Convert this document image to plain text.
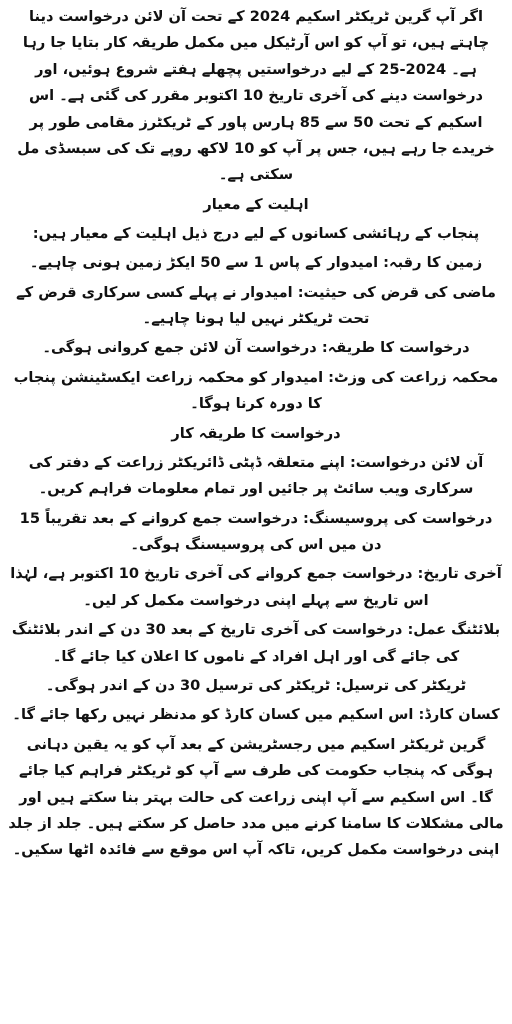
اگر آپ گرین ٹریکٹر اسکیم 2024 کے تحت آن لائن درخواست دینا چاہتے ہیں، تو آپ کو اس آرٹیکل میں مکمل طریقہ کار بتایا جا رہا ہے۔ 2024-25 کے لیے درخواستیں پچھلے ہفتے شروع ہوئیں، اور درخواست دینے کی آخری تاریخ 10 اکتوبر مقرر کی گئی ہے۔ اس اسکیم کے تحت 50 سے 85 ہارس پاور کے ٹریکٹرز مقامی طور پر خریدے جا رہے ہیں، جس پر آپ کو 10 لاکھ روپے تک کی سبسڈی مل سکتی ہے۔

اہلیت کے معیار

پنجاب کے رہائشی کسانوں کے لیے درج ذیل اہلیت کے معیار ہیں:

زمین کا رقبہ: امیدوار کے پاس 1 سے 50 ایکڑ زمین ہونی چاہیے۔

ماضی کی قرض کی حیثیت: امیدوار نے پہلے کسی سرکاری قرض کے تحت ٹریکٹر نہیں لیا ہونا چاہیے۔

درخواست کا طریقہ: درخواست آن لائن جمع کروانی ہوگی۔

محکمہ زراعت کی وزٹ: امیدوار کو محکمہ زراعت ایکسٹینشن پنجاب کا دورہ کرنا ہوگا۔

درخواست کا طریقہ کار

آن لائن درخواست: اپنے متعلقہ ڈپٹی ڈائریکٹر زراعت کے دفتر کی سرکاری ویب سائٹ پر جائیں اور تمام معلومات فراہم کریں۔

درخواست کی پروسیسنگ: درخواست جمع کروانے کے بعد تقریباً 15 دن میں اس کی پروسیسنگ ہوگی۔

آخری تاریخ: درخواست جمع کروانے کی آخری تاریخ 10 اکتوبر ہے، لہٰذا اس تاریخ سے پہلے اپنی درخواست مکمل کر لیں۔

بلائٹنگ عمل: درخواست کی آخری تاریخ کے بعد 30 دن کے اندر بلائٹنگ کی جائے گی اور اہل افراد کے ناموں کا اعلان کیا جائے گا۔

ٹریکٹر کی ترسیل: ٹریکٹر کی ترسیل 30 دن کے اندر ہوگی۔

کسان کارڈ: اس اسکیم میں کسان کارڈ کو مدنظر نہیں رکھا جائے گا۔

گرین ٹریکٹر اسکیم میں رجسٹریشن کے بعد آپ کو یہ یقین دہانی ہوگی کہ پنجاب حکومت کی طرف سے آپ کو ٹریکٹر فراہم کیا جائے گا۔ اس اسکیم سے آپ اپنی زراعت کی حالت بہتر بنا سکتے ہیں اور مالی مشکلات کا سامنا کرنے میں مدد حاصل کر سکتے ہیں۔ جلد از جلد اپنی درخواست مکمل کریں، تاکہ آپ اس موقع سے فائدہ اٹھا سکیں۔
